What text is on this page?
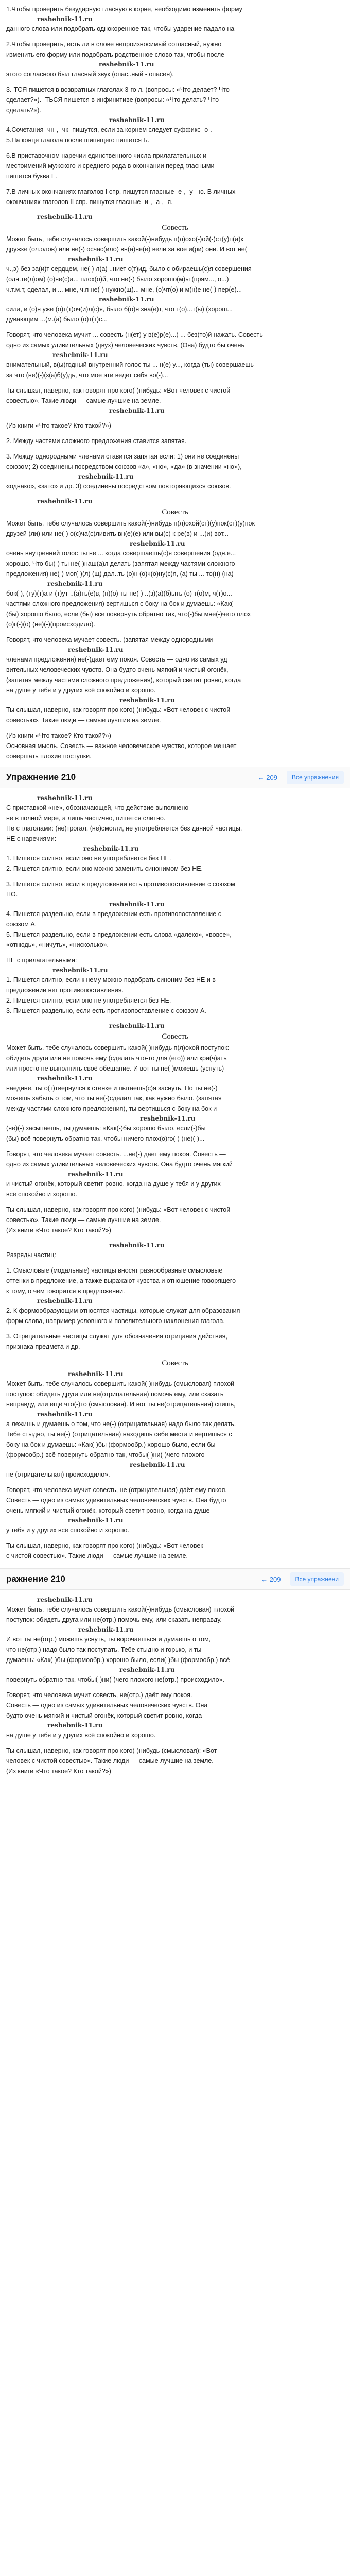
1.Чтобы проверить безударную гласную в корне, необходимо изменить форму
reshebnik-11.ru
данного слова или подобрать однокоренное так, чтобы ударение падало на
2.Чтобы проверить, есть ли в слове непроизносимый согласный, нужно
изменить его форму или подобрать родственное слово так, чтобы после
reshebnik-11.ru
этого согласного был гласный звук (опас..ный - опасен).
3.-ТСЯ пишется в возвратных глаголах 3-го л. (вопросы: «Что делает? Что
сделает?»). -ТЬСЯ пишется в инфинитиве (вопросы: «Что делать? Что
сделать?»).
reshebnik-11.ru
4.Сочетания -чн-, -чк- пишутся, если за корнем следует суффикс -о-.
5.На конце глагола после шипящего пишется Ь.
6.В приставочном наречии единственного числа прилагательных и
местоимений мужского и среднего рода в окончании перед гласными
пишется буква Е.
7.В личных окончаниях глаголов I спр. пишутся гласные -е-, -у- -ю. В личных
окончаниях глаголов II спр. пишутся гласные -и-, -а-, -я.
reshebnik-11.ru
Совесть
Может быть, тебе случалось совершить какой(-)нибудь п(л)охо(-)ой(-)ст(у)п(а)к
дружке (ол.олов) или не(-) осчас(ило) вн(а)не(е) вели за вое и(ри) они. И вот не(
reshebnik-11.ru
ч.,э) без за(и)т сердцем, не(-) л(а) ..ниет с(т)ид, было с обираешь(с)я совершения
(одн.те(л)ом) (о)не(с)а... плох(о)й, что не(-) было хорошо(м)ы (прям..., о...)
ч.т.м.т, сделал, и ... мне, ч.п не(-) нужно(щ)... мне, (о)чт(о) и м(н)е не(-) пер(е)...
reshebnik-11.ru
сила, и (о)н уже (о)т(т)оч(и)л(с)я, было б(о)н зна(е)т, что т(о)...т(ы) (хорош...
дувающим ...(м.(а) было (о)т(т)с...
Говорят, что человека мучит ... совесть (н(ет) у в(е)р(е)...) ... без(то)й нажать. Совесть —
одно из самых удивительных (двух) человеческих чувств. (Она) будто бы очень
reshebnik-11.ru
внимательный, в(ы)годный внутренний голос ты ... н(е) у..., когда (ты) совершаешь
за что (не)(-)(з(а)б(у)дь, что мое эти ведет себя во(-)...
Ты слышал, наверно, как говорят про кого(-)нибудь: «Вот человек с чистой
совестью». Такие люди — самые лучшие на земле.
reshebnik-11.ru
(Из книги «Что такое? Кто такой?»)
2. Между частями сложного предложения ставится запятая.
3. Между однородными членами ставится запятая если: 1) они не соединены
союзом; 2) соединены посредством союзов «а», «но», «да» (в значении «но»),
reshebnik-11.ru
«однако», «зато» и др. 3) соединены посредством повторяющихся союзов.
reshebnik-11.ru
Совесть
Может быть, тебе случалось совершить какой(-)нибудь п(л)охой(ст)(у)пок(ст)(у)пок
друзей (ли) или не(-) о(с)ча(с)ливить вн(е)(е) или вы(с) к ре(в) и ...(и) вот...
reshebnik-11.ru
очень внутренний голос ты не ... когда совершаешь(с)я совершения (одн.е...
хорошо. Что бы(-) ты не(-)наш(а)л делать (запятая между частями сложного
предложения) не(-) мог(-)(л) (щ) дал..ть (о)н (о)ч(о)ну(с)я, (а) ты ... то(н) (на)
reshebnik-11.ru
бок(-), (ту)(т)а и (т)ут ..(а)ть(е)в, (н)(о) ты не(-) ..(з)(а)(б)ыть (о) т(о)м, ч(т)о...
частями сложного предложения) вертишься с боку на бок и думаешь: «Как(-
(бы) хорошо было, если (бы) все повернуть обратно так, что(-)бы мне(-)чего плох
(о)г(-)(о) (не)(-)(происходило).
Говорят, что человека мучает совесть. (запятая между однородными
reshebnik-11.ru
членами предложения) не(-)дает ему покоя. Совесть — одно из самых уд
вительных человеческих чувств. Она будто очень мягкий и чистый огонёк,
(запятая между частями сложного предложения), который светит ровно, когда
на душе у тебя и у других всё спокойно и хорошо.
reshebnik-11.ru
Ты слышал, наверно, как говорят про кого(-)нибудь: «Вот человек с чистой
совестью». Такие люди — самые лучшие на земле.
(Из книги «Что такое? Кто такой?»)
Основная мысль. Совесть — важное человеческое чувство, которое мешает
совершать плохие поступки.
Упражнение 210	← 209	Все упражнения
reshebnik-11.ru
С приставкой «не», обозначающей, что действие выполнено
не в полной мере, а лишь частично, пишется слитно.
Не с глаголами: (не)трогал, (не)смогли, не употребляется без данной частицы.
НЕ с наречиями:
reshebnik-11.ru
1. Пишется слитно, если оно не употребляется без НЕ.
2. Пишется слитно, если оно можно заменить синонимом без НЕ.
3. Пишется слитно, если в предложении есть противопоставление с союзом
НО.
reshebnik-11.ru
4. Пишется раздельно, если в предложении есть противопоставление с
союзом А.
5. Пишется раздельно, если в предложении есть слова «далеко», «вовсе»,
«отнюдь», «ничуть», «нисколько».
НЕ с прилагательными:
reshebnik-11.ru
1. Пишется слитно, если к нему можно подобрать синоним без НЕ и в
предложении нет противопоставления.
2. Пишется слитно, если оно не употребляется без НЕ.
3. Пишется раздельно, если есть противопоставление с союзом А.
reshebnik-11.ru
Совесть
Может быть, тебе случалось совершить какой(-)нибудь п(л)охой поступок:
обидеть друга или не помочь ему (сделать что-то для (его)) или кри(ч)ать
или просто не выполнить своё обещание. И вот ты не(-)можешь (уснуть)
reshebnik-11.ru
наедине, ты о(т)твернулся к стенке и пытаешь(с)я заснуть. Но ты не(-)
можешь забыть о том, что ты не(-)сделал так, как нужно было. (запятая
между частями сложного предложения), ты вертишься с боку на бок и
reshebnik-11.ru
(не)(-) засыпаешь, ты думаешь: «Как(-)бы хорошо было, если(-)бы
(бы) всё повернуть обратно так, чтобы ничего плох(о)го(-) (не)(-)...
Говорят, что человека мучает совесть. ...не(-) дает ему покоя. Совесть —
одно из самых удивительных человеческих чувств. Она будто очень мягкий
reshebnik-11.ru
и чистый огонёк, который светит ровно, когда на душе у тебя и у других
всё спокойно и хорошо.
Ты слышал, наверно, как говорят про кого(-)нибудь: «Вот человек с чистой
совестью». Такие люди — самые лучшие на земле.
(Из книги «Что такое? Кто такой?»)
reshebnik-11.ru
Разряды частиц:
1. Смысловые (модальные) частицы вносят разнообразные смысловые
оттенки в предложение, а также выражают чувства и отношение говорящего
к тому, о чём говорится в предложении.
reshebnik-11.ru
2. К формообразующим относятся частицы, которые служат для образования
форм слова, например условного и повелительного наклонения глагола.
3. Отрицательные частицы служат для обозначения отрицания действия,
признака предмета и др.
Совесть
reshebnik-11.ru
Может быть, тебе случалось совершить какой(-)нибудь (смысловая) плохой
поступок: обидеть друга или не(отрицательная) помочь ему, или сказать
неправду, или ещё что(-)то (смысловая). И вот ты не(отрицательная) спишь,
reshebnik-11.ru
а лежишь и думаешь о том, что не(-) (отрицательная) надо было так делать.
Тебе стыдно, ты не(-) (отрицательная) находишь себе места и вертишься с
боку на бок и думаешь: «Как(-)бы (формообр.) хорошо было, если бы
(формообр.) всё повернуть обратно так, чтобы(-)ни(-)чего плохого
reshebnik-11.ru
не (отрицательная) происходило».
Говорят, что человека мучит совесть, не (отрицательная) даёт ему покоя.
Совесть — одно из самых удивительных человеческих чувств. Она будто
очень мягкий и чистый огонёк, который светит ровно, когда на душе
reshebnik-11.ru
у тебя и у других всё спокойно и хорошо.
Ты слышал, наверно, как говорят про кого(-)нибудь: «Вот человек
с чистой совестью». Такие люди — самые лучшие на земле.
ражнение 210	← 209	Все упражнени
reshebnik-11.ru
Может быть, тебе случалось совершить какой(-)нибудь (смысловая) плохой
поступок: обидеть друга или не(отр.) помочь ему, или сказать неправду.
reshebnik-11.ru
И вот ты не(отр.) можешь уснуть, ты ворочаешься и думаешь о том,
что не(отр.) надо было так поступать. Тебе стыдно и горько, и ты
думаешь: «Как(-)бы (формообр.) хорошо было, если(-)бы (формообр.) всё
reshebnik-11.ru
повернуть обратно так, чтобы(-)ни(-)чего плохого не(отр.) происходило».
Говорят, что человека мучит совесть, не(отр.) даёт ему покоя.
Совесть — одно из самых удивительных человеческих чувств. Она
будто очень мягкий и чистый огонёк, который светит ровно, когда
reshebnik-11.ru
на душе у тебя и у других всё спокойно и хорошо.
Ты слышал, наверно, как говорят про кого(-)нибудь (смысловая): «Вот
человек с чистой совестью». Такие люди — самые лучшие на земле.
(Из книги «Что такое? Кто такой?»)
